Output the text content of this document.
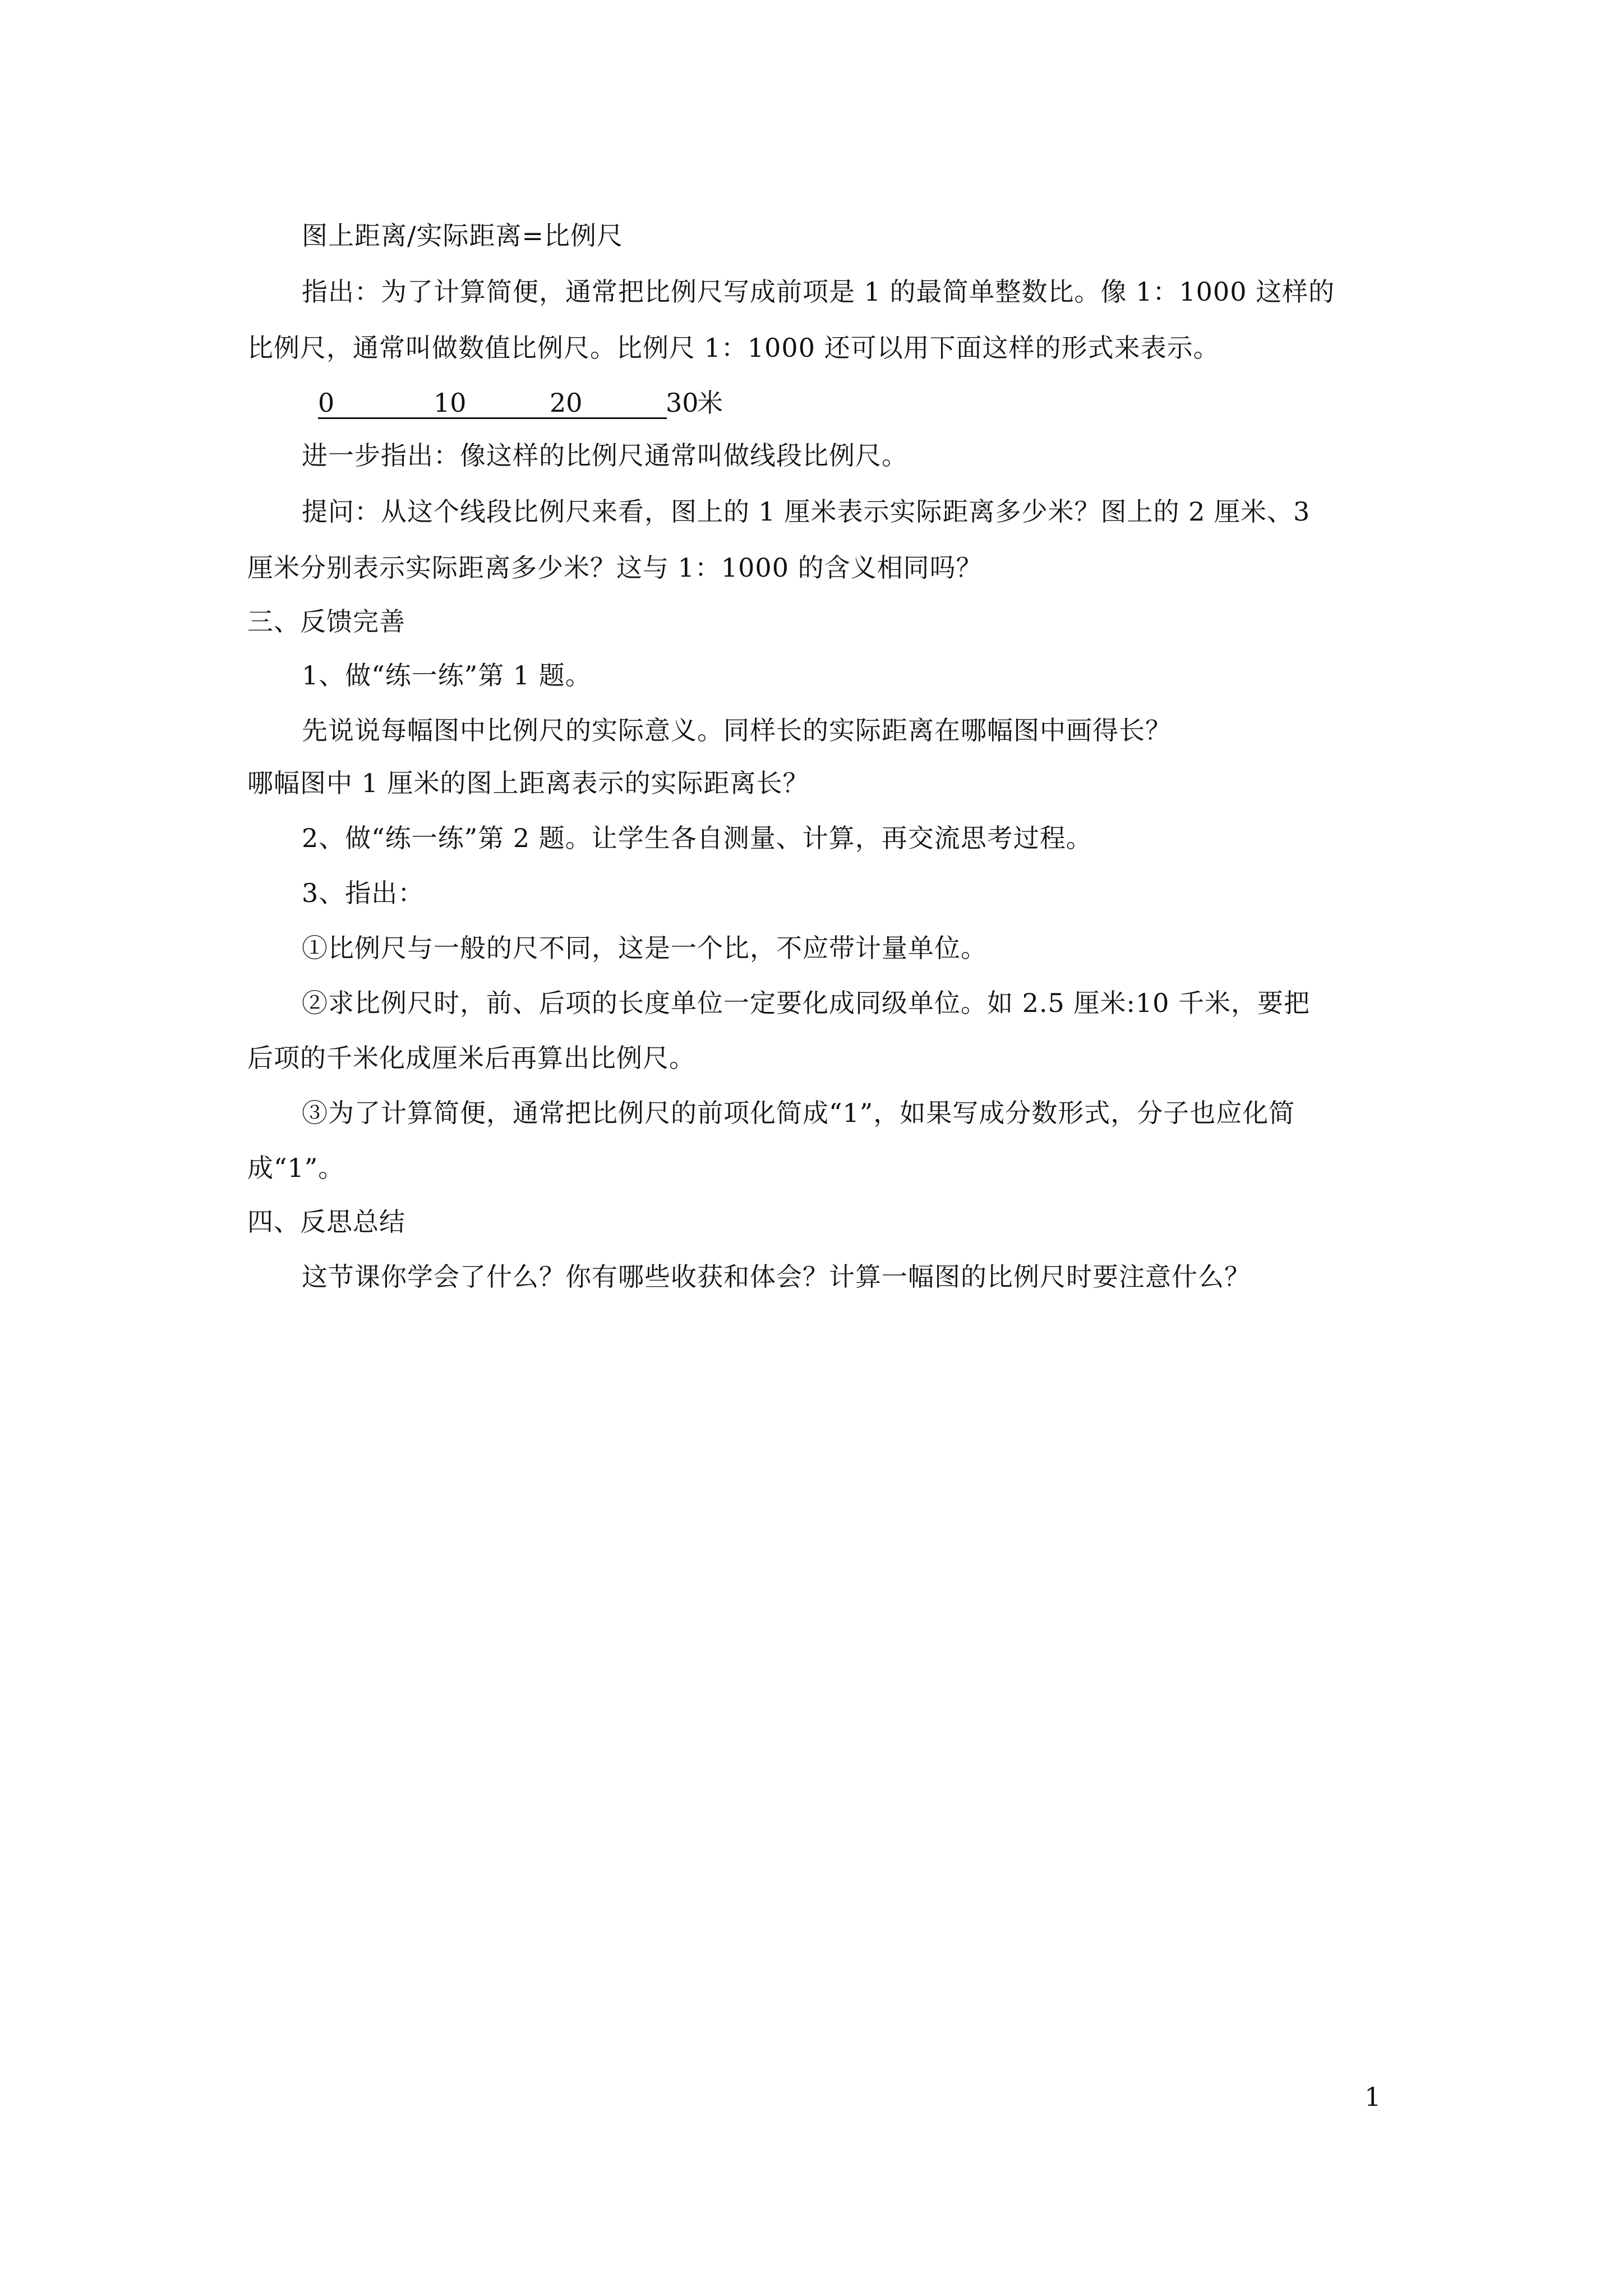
图上距离/实际距离=比例尺
指出：为了计算简便，通常把比例尺写成前项是 1 的最简单整数比。像 1：1000 这样的
比例尺，通常叫做数值比例尺。比例尺 1：1000 还可以用下面这样的形式来表示。
0	10	20	30
米
进一步指出：像这样的比例尺通常叫做线段比例尺。
提问：从这个线段比例尺来看，图上的 1 厘米表示实际距离多少米？图上的 2 厘米、3
厘米分别表示实际距离多少米？这与 1：1000 的含义相同吗？
三、反馈完善
1、做“练一练”第 1 题。
先说说每幅图中比例尺的实际意义。同样长的实际距离在哪幅图中画得长？
哪幅图中 1 厘米的图上距离表示的实际距离长？
2、做“练一练”第 2 题。让学生各自测量、计算，再交流思考过程。
3、指出：
①比例尺与一般的尺不同，这是一个比，不应带计量单位。
②求比例尺时，前、后项的长度单位一定要化成同级单位。如 2.5 厘米:10 千米，要把
后项的千米化成厘米后再算出比例尺。
③为了计算简便，通常把比例尺的前项化简成“1”，如果写成分数形式，分子也应化简
成“1”。
四、反思总结
这节课你学会了什么？你有哪些收获和体会？计算一幅图的比例尺时要注意什么？
1
